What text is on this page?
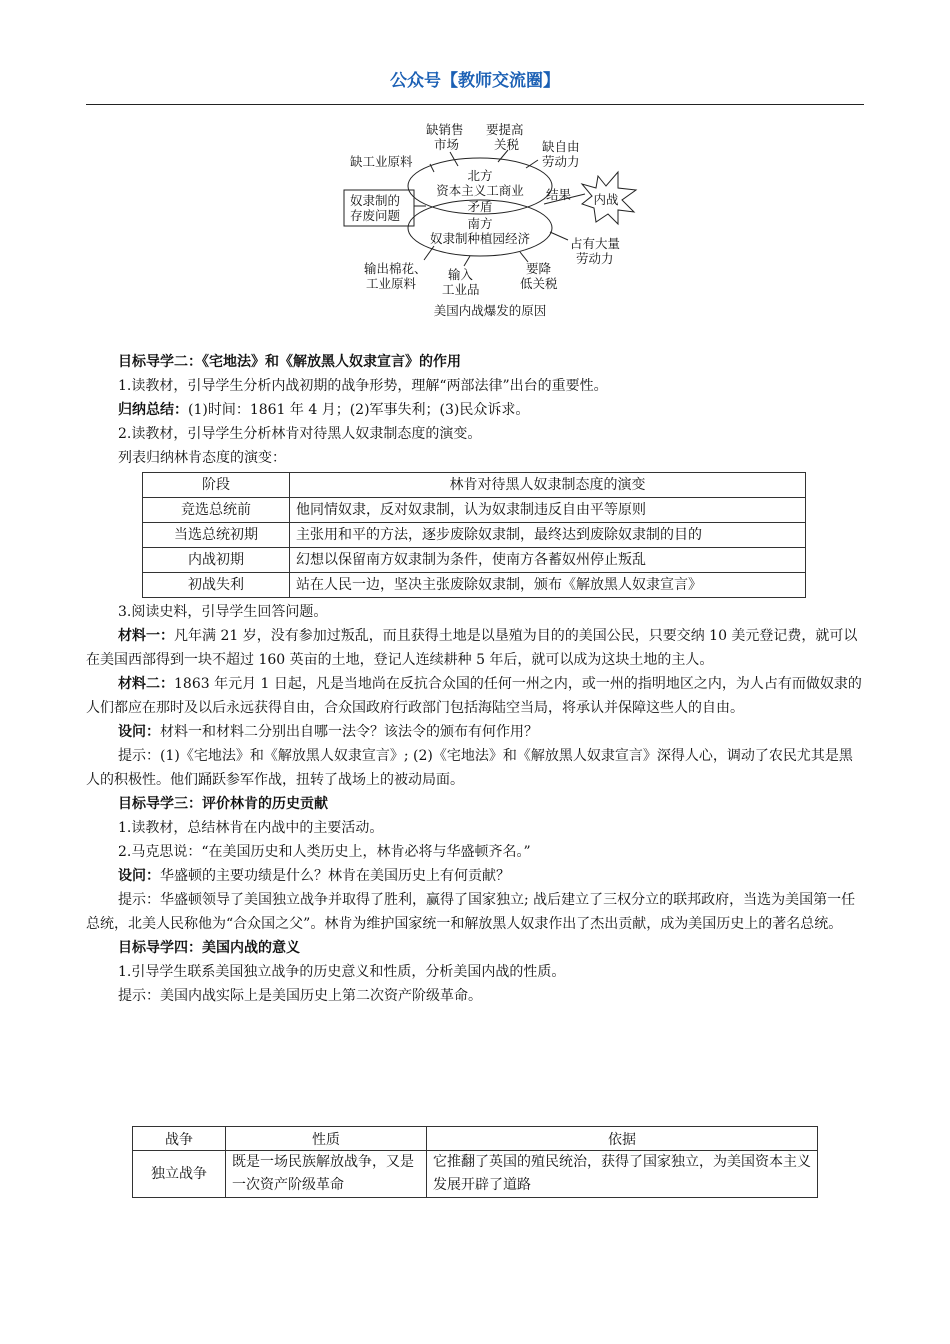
公众号【教师交流圈】
缺销售
市场
要提高
关税 缺自由
劳动力
缺工业原料
奴隶制的
存废问题
北方
资本主义工商业
矛盾
南方
奴隶制种植园经济
结果 内战
占有大量
劳动力
输出棉花、
工业原料
输入
工业品
要降
低关税
美国内战爆发的原因

目标导学二：《宅地法》和《解放黑人奴隶宣言》的作用

1.读教材，引导学生分析内战初期的战争形势，理解“两部法律”出台的重要性。

归纳总结：(1)时间：1861 年 4 月；(2)军事失利；(3)民众诉求。

2.读教材，引导学生分析林肯对待黑人奴隶制态度的演变。

列表归纳林肯态度的演变：

阶段	林肯对待黑人奴隶制态度的演变
竞选总统前	他同情奴隶，反对奴隶制，认为奴隶制违反自由平等原则
当选总统初期	主张用和平的方法，逐步废除奴隶制，最终达到废除奴隶制的目的
内战初期	幻想以保留南方奴隶制为条件，使南方各蓄奴州停止叛乱
初战失利	站在人民一边，坚决主张废除奴隶制，颁布《解放黑人奴隶宣言》

3.阅读史料，引导学生回答问题。

材料一：凡年满 21 岁，没有参加过叛乱，而且获得土地是以垦殖为目的的美国公民，只要交纳 10 美元登记费，就可以在美国西部得到一块不超过 160 英亩的土地，登记人连续耕种 5 年后，就可以成为这块土地的主人。

材料二：1863 年元月 1 日起，凡是当地尚在反抗合众国的任何一州之内，或一州的指明地区之内，为人占有而做奴隶的人们都应在那时及以后永远获得自由，合众国政府行政部门包括海陆空当局，将承认并保障这些人的自由。

设问：材料一和材料二分别出自哪一法令？该法令的颁布有何作用？

提示：(1)《宅地法》和《解放黑人奴隶宣言》; (2)《宅地法》和《解放黑人奴隶宣言》深得人心，调动了农民尤其是黑人的积极性。他们踊跃参军作战，扭转了战场上的被动局面。

目标导学三：评价林肯的历史贡献

1.读教材，总结林肯在内战中的主要活动。

2.马克思说：“在美国历史和人类历史上，林肯必将与华盛顿齐名。”

设问：华盛顿的主要功绩是什么？林肯在美国历史上有何贡献？

提示：华盛顿领导了美国独立战争并取得了胜利，赢得了国家独立; 战后建立了三权分立的联邦政府，当选为美国第一任总统，北美人民称他为“合众国之父”。林肯为维护国家统一和解放黑人奴隶作出了杰出贡献，成为美国历史上的著名总统。

目标导学四：美国内战的意义

1.引导学生联系美国独立战争的历史意义和性质，分析美国内战的性质。

提示：美国内战实际上是美国历史上第二次资产阶级革命。

战争	性质	依据
独立战争	既是一场民族解放战争，又是一次资产阶级革命	它推翻了英国的殖民统治，获得了国家独立，为美国资本主义发展开辟了道路
